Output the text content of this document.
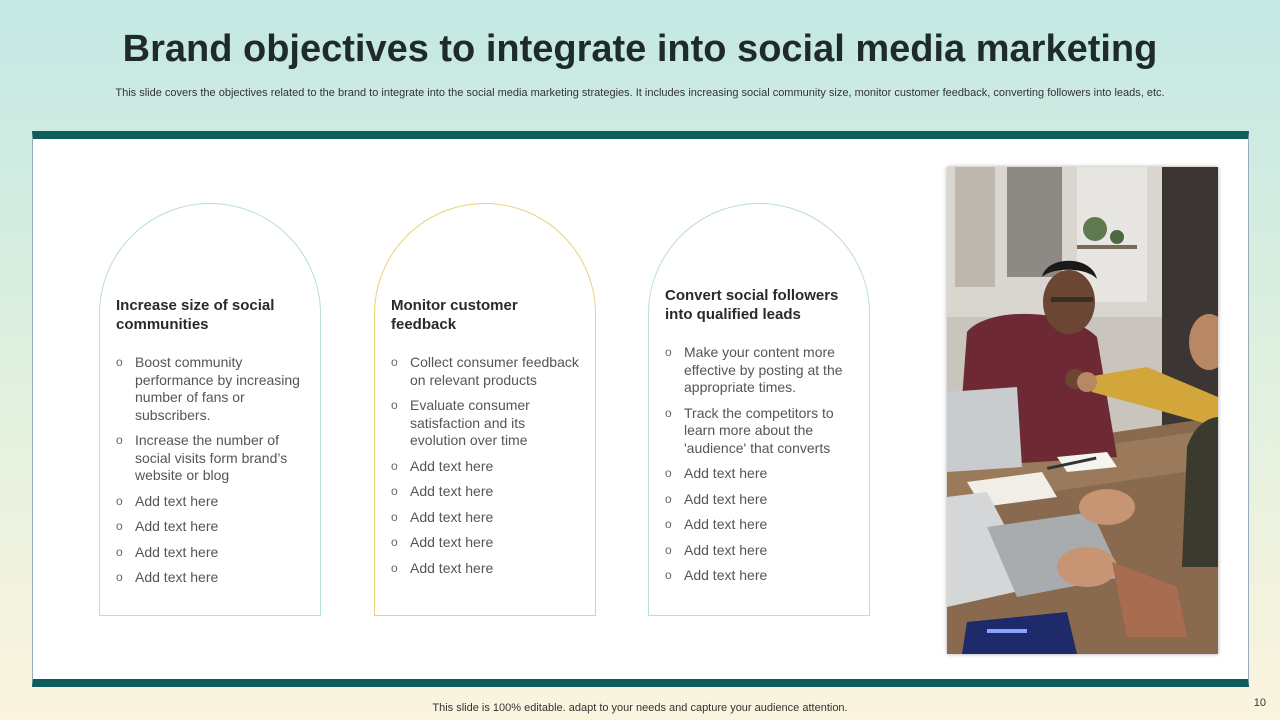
Brand objectives to integrate into social media marketing
This slide covers the objectives related to the brand to integrate into the social media marketing strategies. It includes increasing social community size, monitor customer feedback, converting followers into leads, etc.
Increase size of social communities
o Boost community performance by increasing number of fans or subscribers.
o Increase the number of social visits form brand’s website or blog
o Add text here
o Add text here
o Add text here
o Add text here
Monitor customer feedback
o Collect consumer feedback on relevant products
o Evaluate consumer satisfaction and its evolution over time
o Add text here
o Add text here
o Add text here
o Add text here
o Add text here
Convert social followers into qualified leads
o Make your content more effective by posting at the appropriate times.
o Track the competitors to learn more about the 'audience' that converts
o Add text here
o Add text here
o Add text here
o Add text here
o Add text here
This slide is 100% editable. adapt to your needs and capture your audience attention.	10
